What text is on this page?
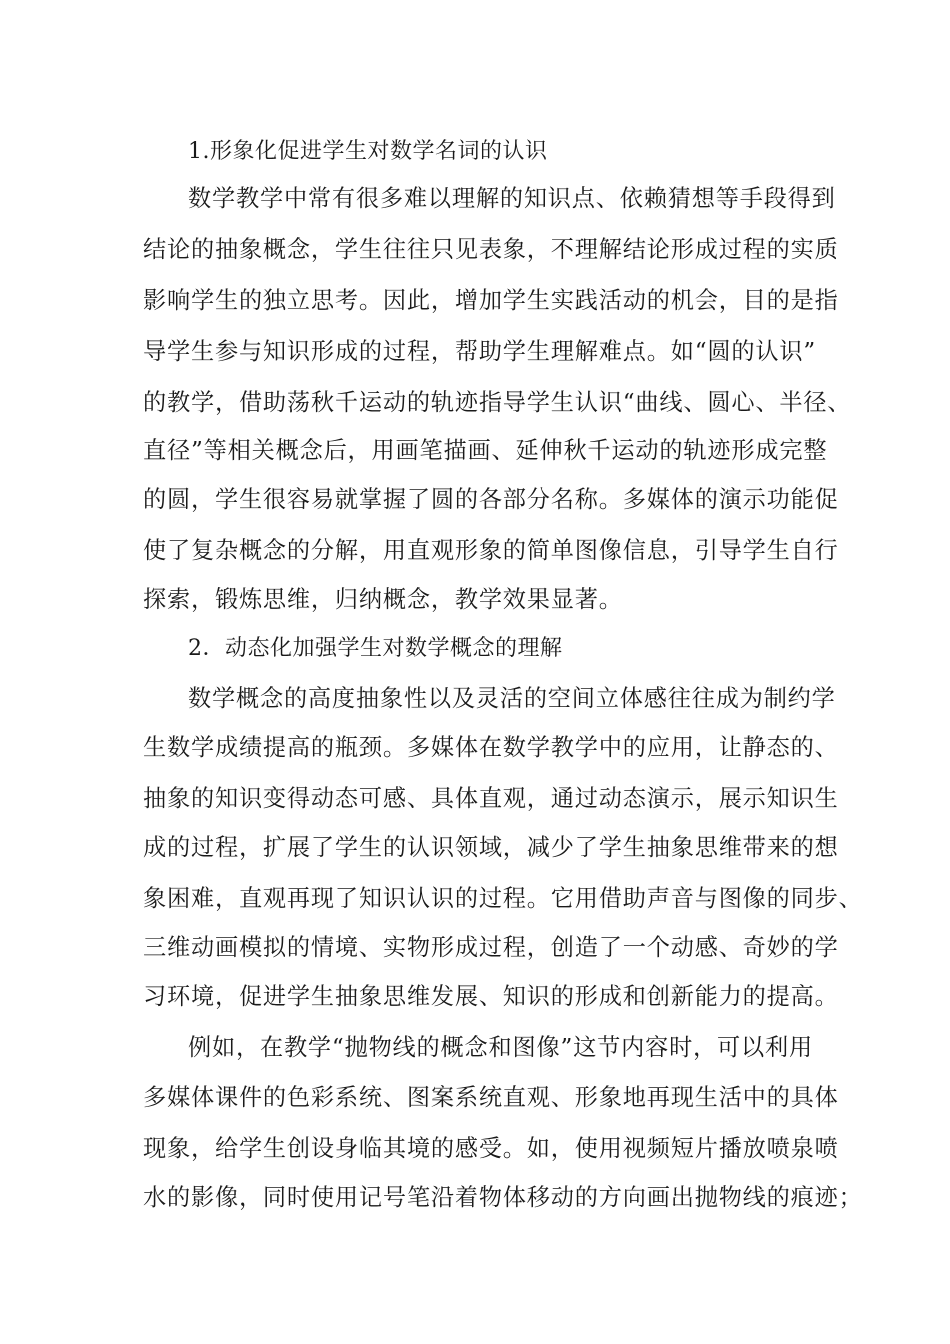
1.形象化促进学生对数学名词的认识
数学教学中常有很多难以理解的知识点、依赖猜想等手段得到
结论的抽象概念，学生往往只见表象，不理解结论形成过程的实质
影响学生的独立思考。因此，增加学生实践活动的机会，目的是指
导学生参与知识形成的过程，帮助学生理解难点。如“圆的认识”
的教学，借助荡秋千运动的轨迹指导学生认识“曲线、圆心、半径、
直径”等相关概念后，用画笔描画、延伸秋千运动的轨迹形成完整
的圆，学生很容易就掌握了圆的各部分名称。多媒体的演示功能促
使了复杂概念的分解，用直观形象的简单图像信息，引导学生自行
探索，锻炼思维，归纳概念，教学效果显著。
2．动态化加强学生对数学概念的理解
数学概念的高度抽象性以及灵活的空间立体感往往成为制约学
生数学成绩提高的瓶颈。多媒体在数学教学中的应用，让静态的、
抽象的知识变得动态可感、具体直观，通过动态演示，展示知识生
成的过程，扩展了学生的认识领域，减少了学生抽象思维带来的想
象困难，直观再现了知识认识的过程。它用借助声音与图像的同步、
三维动画模拟的情境、实物形成过程，创造了一个动感、奇妙的学
习环境，促进学生抽象思维发展、知识的形成和创新能力的提高。
例如，在教学“抛物线的概念和图像”这节内容时，可以利用
多媒体课件的色彩系统、图案系统直观、形象地再现生活中的具体
现象，给学生创设身临其境的感受。如，使用视频短片播放喷泉喷
水的影像，同时使用记号笔沿着物体移动的方向画出抛物线的痕迹；
